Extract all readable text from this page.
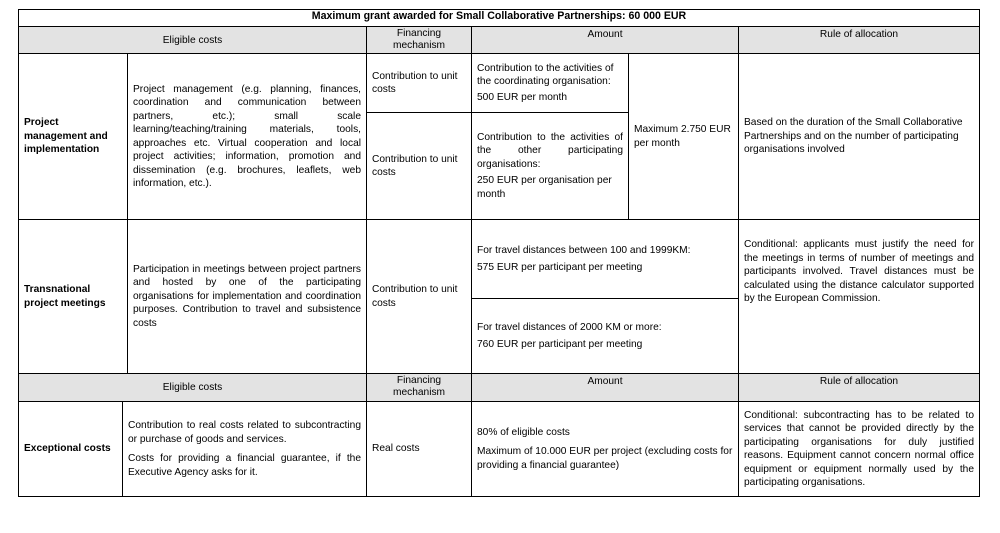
Maximum grant awarded for Small Collaborative Partnerships: 60 000 EUR
Eligible costs
Financing mechanism
Amount	Rule of allocation
Project management and implementation
Project management (e.g. planning, finances, coordination and communication between partners, etc.); small scale learning/teaching/training materials, tools, approaches etc. Virtual cooperation and local project activities; information, promotion and dissemination (e.g. brochures, leaflets, web information, etc.).
Contribution to unit costs
Contribution to unit costs

Contribution to the activities of the coordinating organisation:

500 EUR per month

Contribution to the activities of the other participating organisations:

250 EUR per organisation per month

Maximum 2.750 EUR per month
Based on the duration of the Small Collaborative Partnerships and on the number of participating organisations involved
Transnational project meetings
Participation in meetings between project partners and hosted by one of the participating organisations for implementation and coordination purposes. Contribution to travel and subsistence costs
Contribution to unit costs

For travel distances between 100 and 1999KM:

575 EUR per participant per meeting

For travel distances of 2000 KM or more:

760 EUR per participant per meeting

Conditional: applicants must justify the need for the meetings in terms of number of meetings and participants involved. Travel distances must be calculated using the distance calculator supported by the European Commission.
Eligible costs
Financing mechanism
Amount	Rule of allocation
Exceptional costs

Contribution to real costs related to subcontracting or purchase of goods and services.

Costs for providing a financial guarantee, if the Executive Agency asks for it.

Real costs

80% of eligible costs

Maximum of 10.000 EUR per project (excluding costs for providing a financial guarantee)

Conditional: subcontracting has to be related to services that cannot be provided directly by the participating organisations for duly justified reasons. Equipment cannot concern normal office equipment or equipment normally used by the participating organisations.
